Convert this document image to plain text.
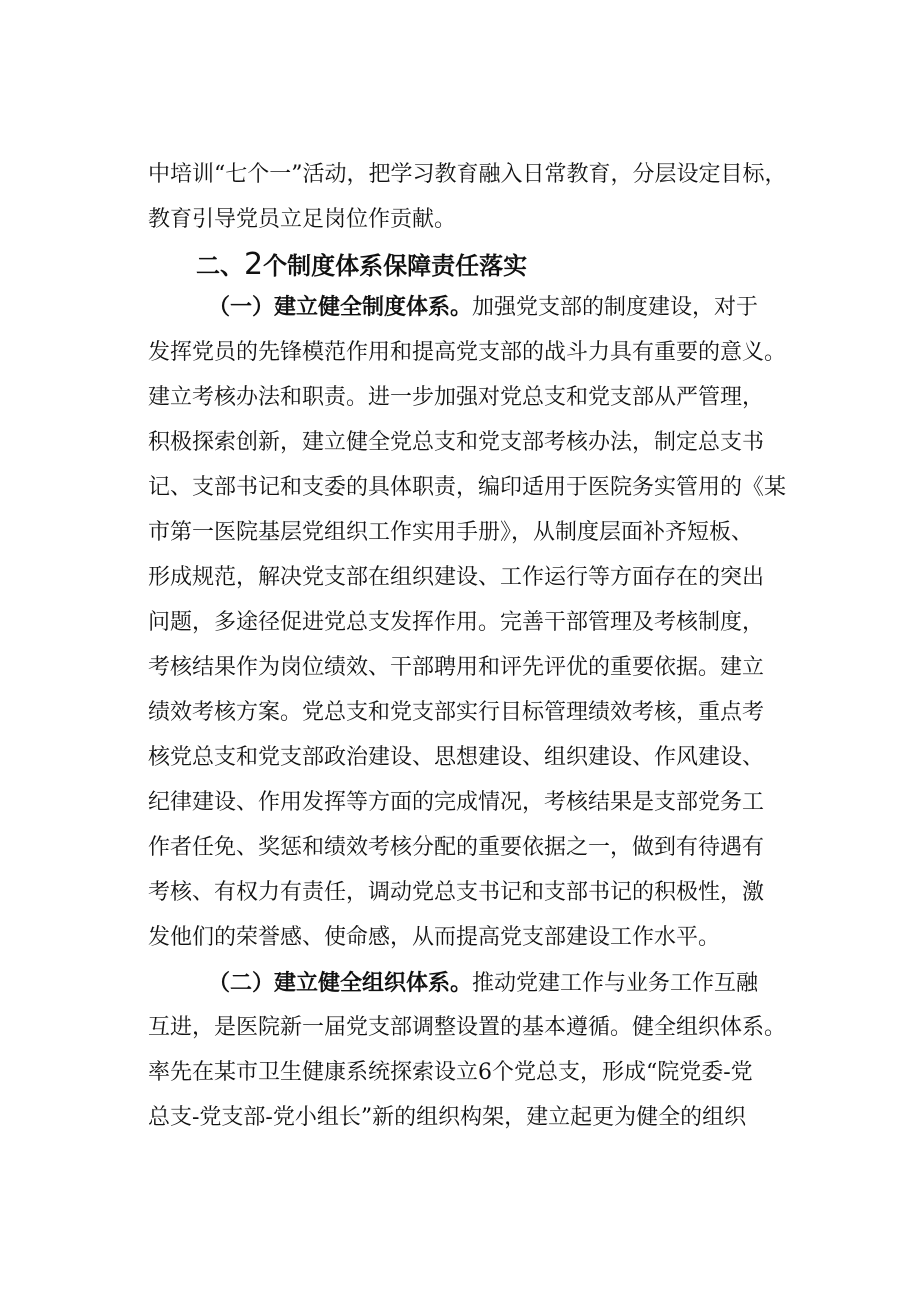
中培训“七个一”活动，把学习教育融入日常教育，分层设定目标，
教育引导党员立足岗位作贡献。
二、2个制度体系保障责任落实
（一）建立健全制度体系。加强党支部的制度建设，对于
发挥党员的先锋模范作用和提高党支部的战斗力具有重要的意义。
建立考核办法和职责。进一步加强对党总支和党支部从严管理，
积极探索创新，建立健全党总支和党支部考核办法，制定总支书
记、支部书记和支委的具体职责，编印适用于医院务实管用的《某
市第一医院基层党组织工作实用手册》，从制度层面补齐短板、
形成规范，解决党支部在组织建设、工作运行等方面存在的突出
问题，多途径促进党总支发挥作用。完善干部管理及考核制度，
考核结果作为岗位绩效、干部聘用和评先评优的重要依据。建立
绩效考核方案。党总支和党支部实行目标管理绩效考核，重点考
核党总支和党支部政治建设、思想建设、组织建设、作风建设、
纪律建设、作用发挥等方面的完成情况，考核结果是支部党务工
作者任免、奖惩和绩效考核分配的重要依据之一，做到有待遇有
考核、有权力有责任，调动党总支书记和支部书记的积极性，激
发他们的荣誉感、使命感，从而提高党支部建设工作水平。
（二）建立健全组织体系。推动党建工作与业务工作互融
互进，是医院新一届党支部调整设置的基本遵循。健全组织体系。
率先在某市卫生健康系统探索设立6个党总支，形成“院党委-党
总支-党支部-党小组长”新的组织构架，建立起更为健全的组织
